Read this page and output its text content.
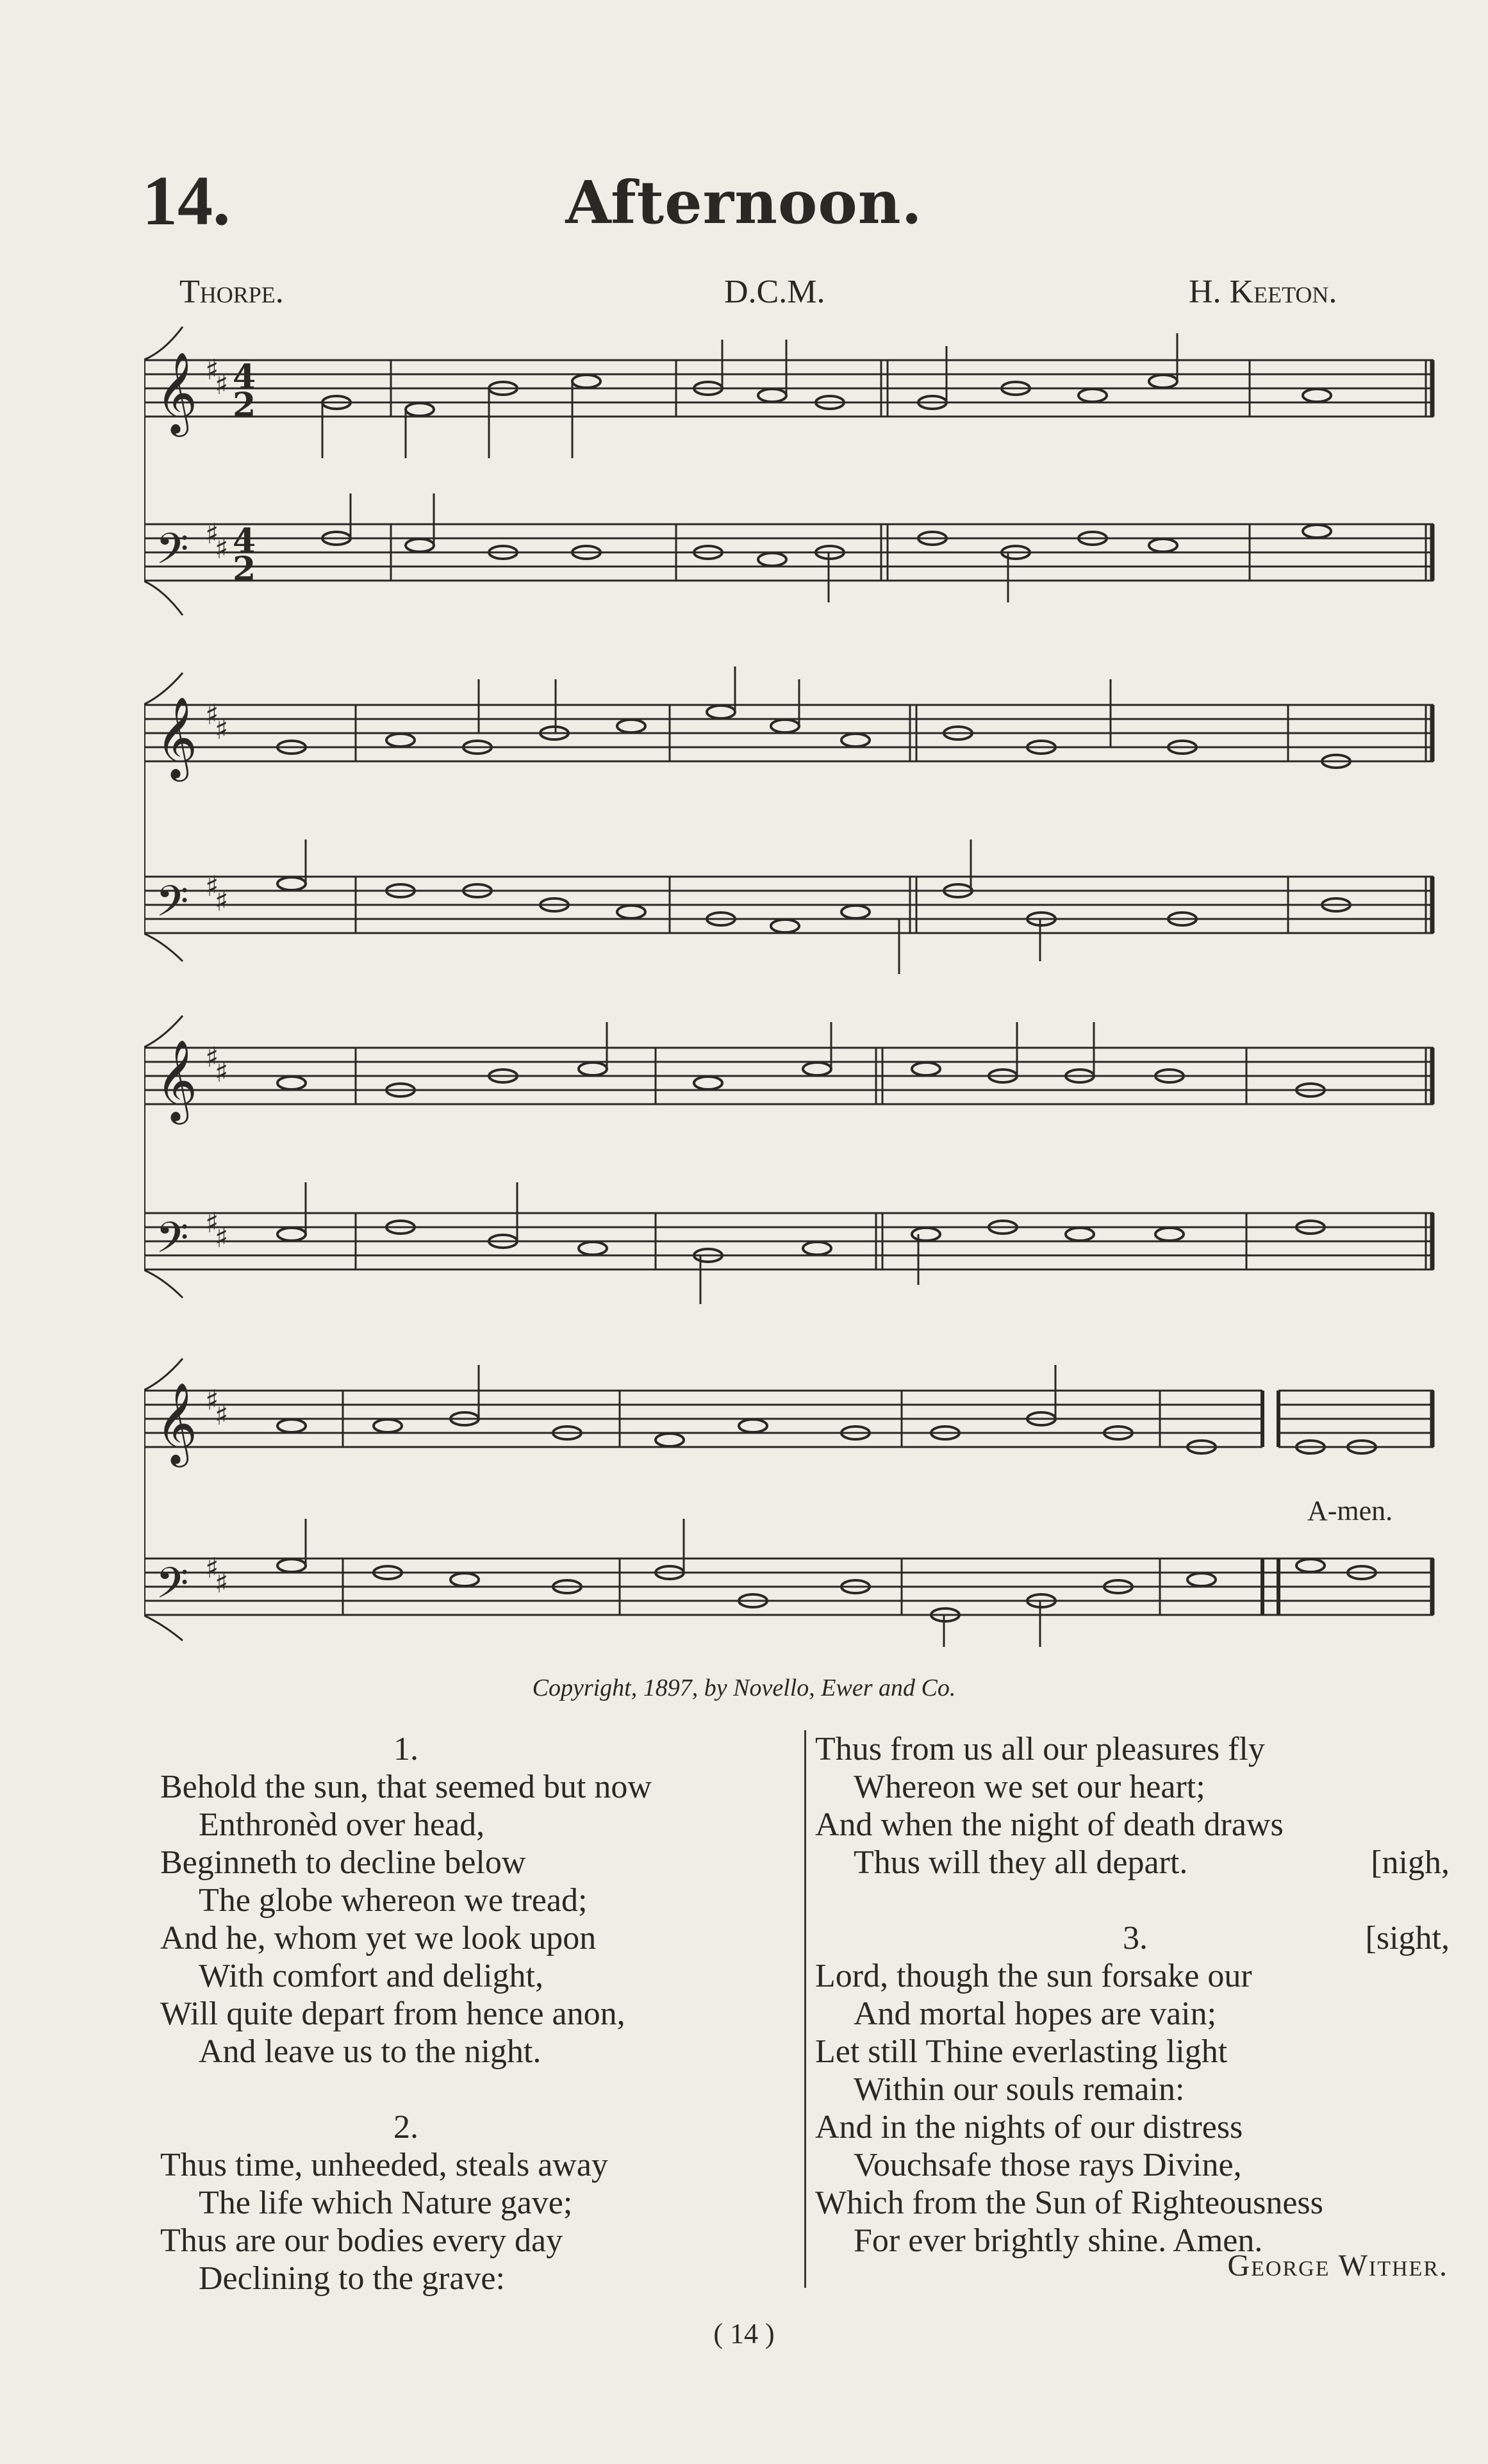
14.	Afternoon.
Thorpe.	D.C.M.	H. Keeton.
𝄞
𝄢
♯
♯
♯
♯
4
2
4
2
𝄞
𝄢
♯
♯
♯
♯
𝄞
𝄢
♯
♯
♯
♯
𝄞
𝄢
♯
♯
♯
♯
A-men.
Copyright, 1897, by Novello, Ewer and Co.
1.
Behold the sun, that seemed but now
Enthronèd over head,
Beginneth to decline below
The globe whereon we tread;
And he, whom yet we look upon
With comfort and delight,
Will quite depart from hence anon,
And leave us to the night.
2.
Thus time, unheeded, steals away
The life which Nature gave;
Thus are our bodies every day
Declining to the grave:
Thus from us all our pleasures fly
Whereon we set our heart;
And when the night of death draws
Thus will they all depart.	[nigh,
3.	[sight,
Lord, though the sun forsake our
And mortal hopes are vain;
Let still Thine everlasting light
Within our souls remain:
And in the nights of our distress
Vouchsafe those rays Divine,
Which from the Sun of Righteousness
For ever brightly shine. Amen.
George Wither.
( 14 )
